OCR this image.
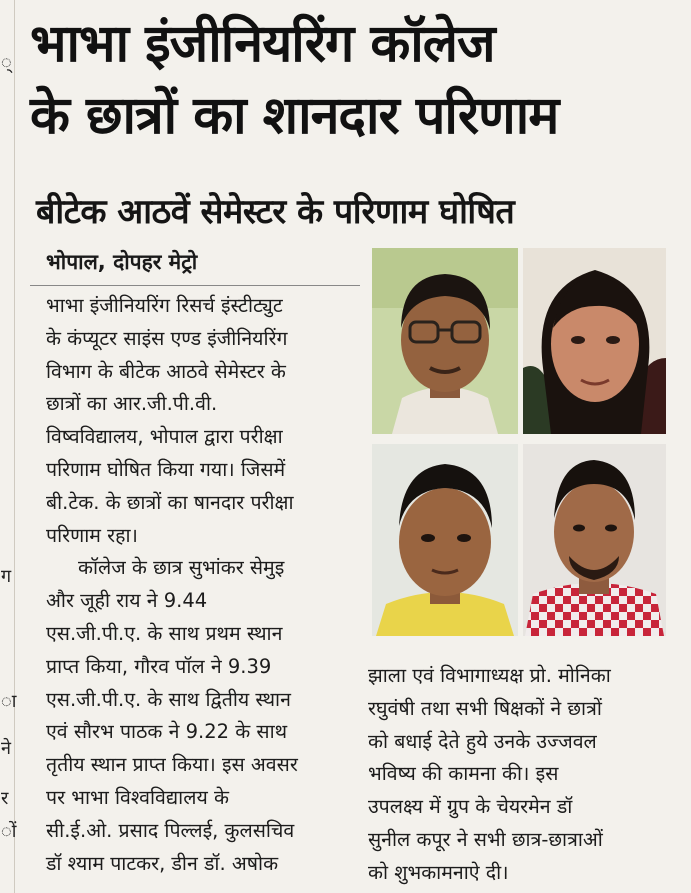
्
ग
ा
ने
र
ों
भाभा इंजीनियरिंग कॉलेज
के छात्रों का शानदार परिणाम
बीटेक आठवें सेमेस्टर के परिणाम घोषित
भोपाल, दोपहर मेट्रो
भाभा इंजीनियरिंग रिसर्च इंस्टीट्युट
के कंप्यूटर साइंस एण्ड इंजीनियरिंग
विभाग के बीटेक आठवे सेमेस्टर के
छात्रों का आर.जी.पी.वी.
विष्वविद्यालय, भोपाल द्वारा परीक्षा
परिणाम घोषित किया गया। जिसमें
बी.टेक. के छात्रों का षानदार परीक्षा
परिणाम रहा।
कॉलेज के छात्र सुभांकर सेमुइ
और जूही राय ने 9.44
एस.जी.पी.ए. के साथ प्रथम स्थान
प्राप्त किया, गौरव पॉल ने 9.39
एस.जी.पी.ए. के साथ द्वितीय स्थान
एवं सौरभ पाठक ने 9.22 के साथ
तृतीय स्थान प्राप्त किया। इस अवसर
पर भाभा विश्वविद्यालय के
सी.ई.ओ. प्रसाद पिल्लई, कुलसचिव
डॉ श्याम पाटकर, डीन डॉ. अषोक
झाला एवं विभागाध्यक्ष प्रो. मोनिका
रघुवंषी तथा सभी षिक्षकों ने छात्रों
को बधाई देते हुये उनके उज्जवल
भविष्य की कामना की। इस
उपलक्ष्य में ग्रुप के चेयरमेन डॉ
सुनील कपूर ने सभी छात्र-छात्राओं
को शुभकामनाऐ दी।
